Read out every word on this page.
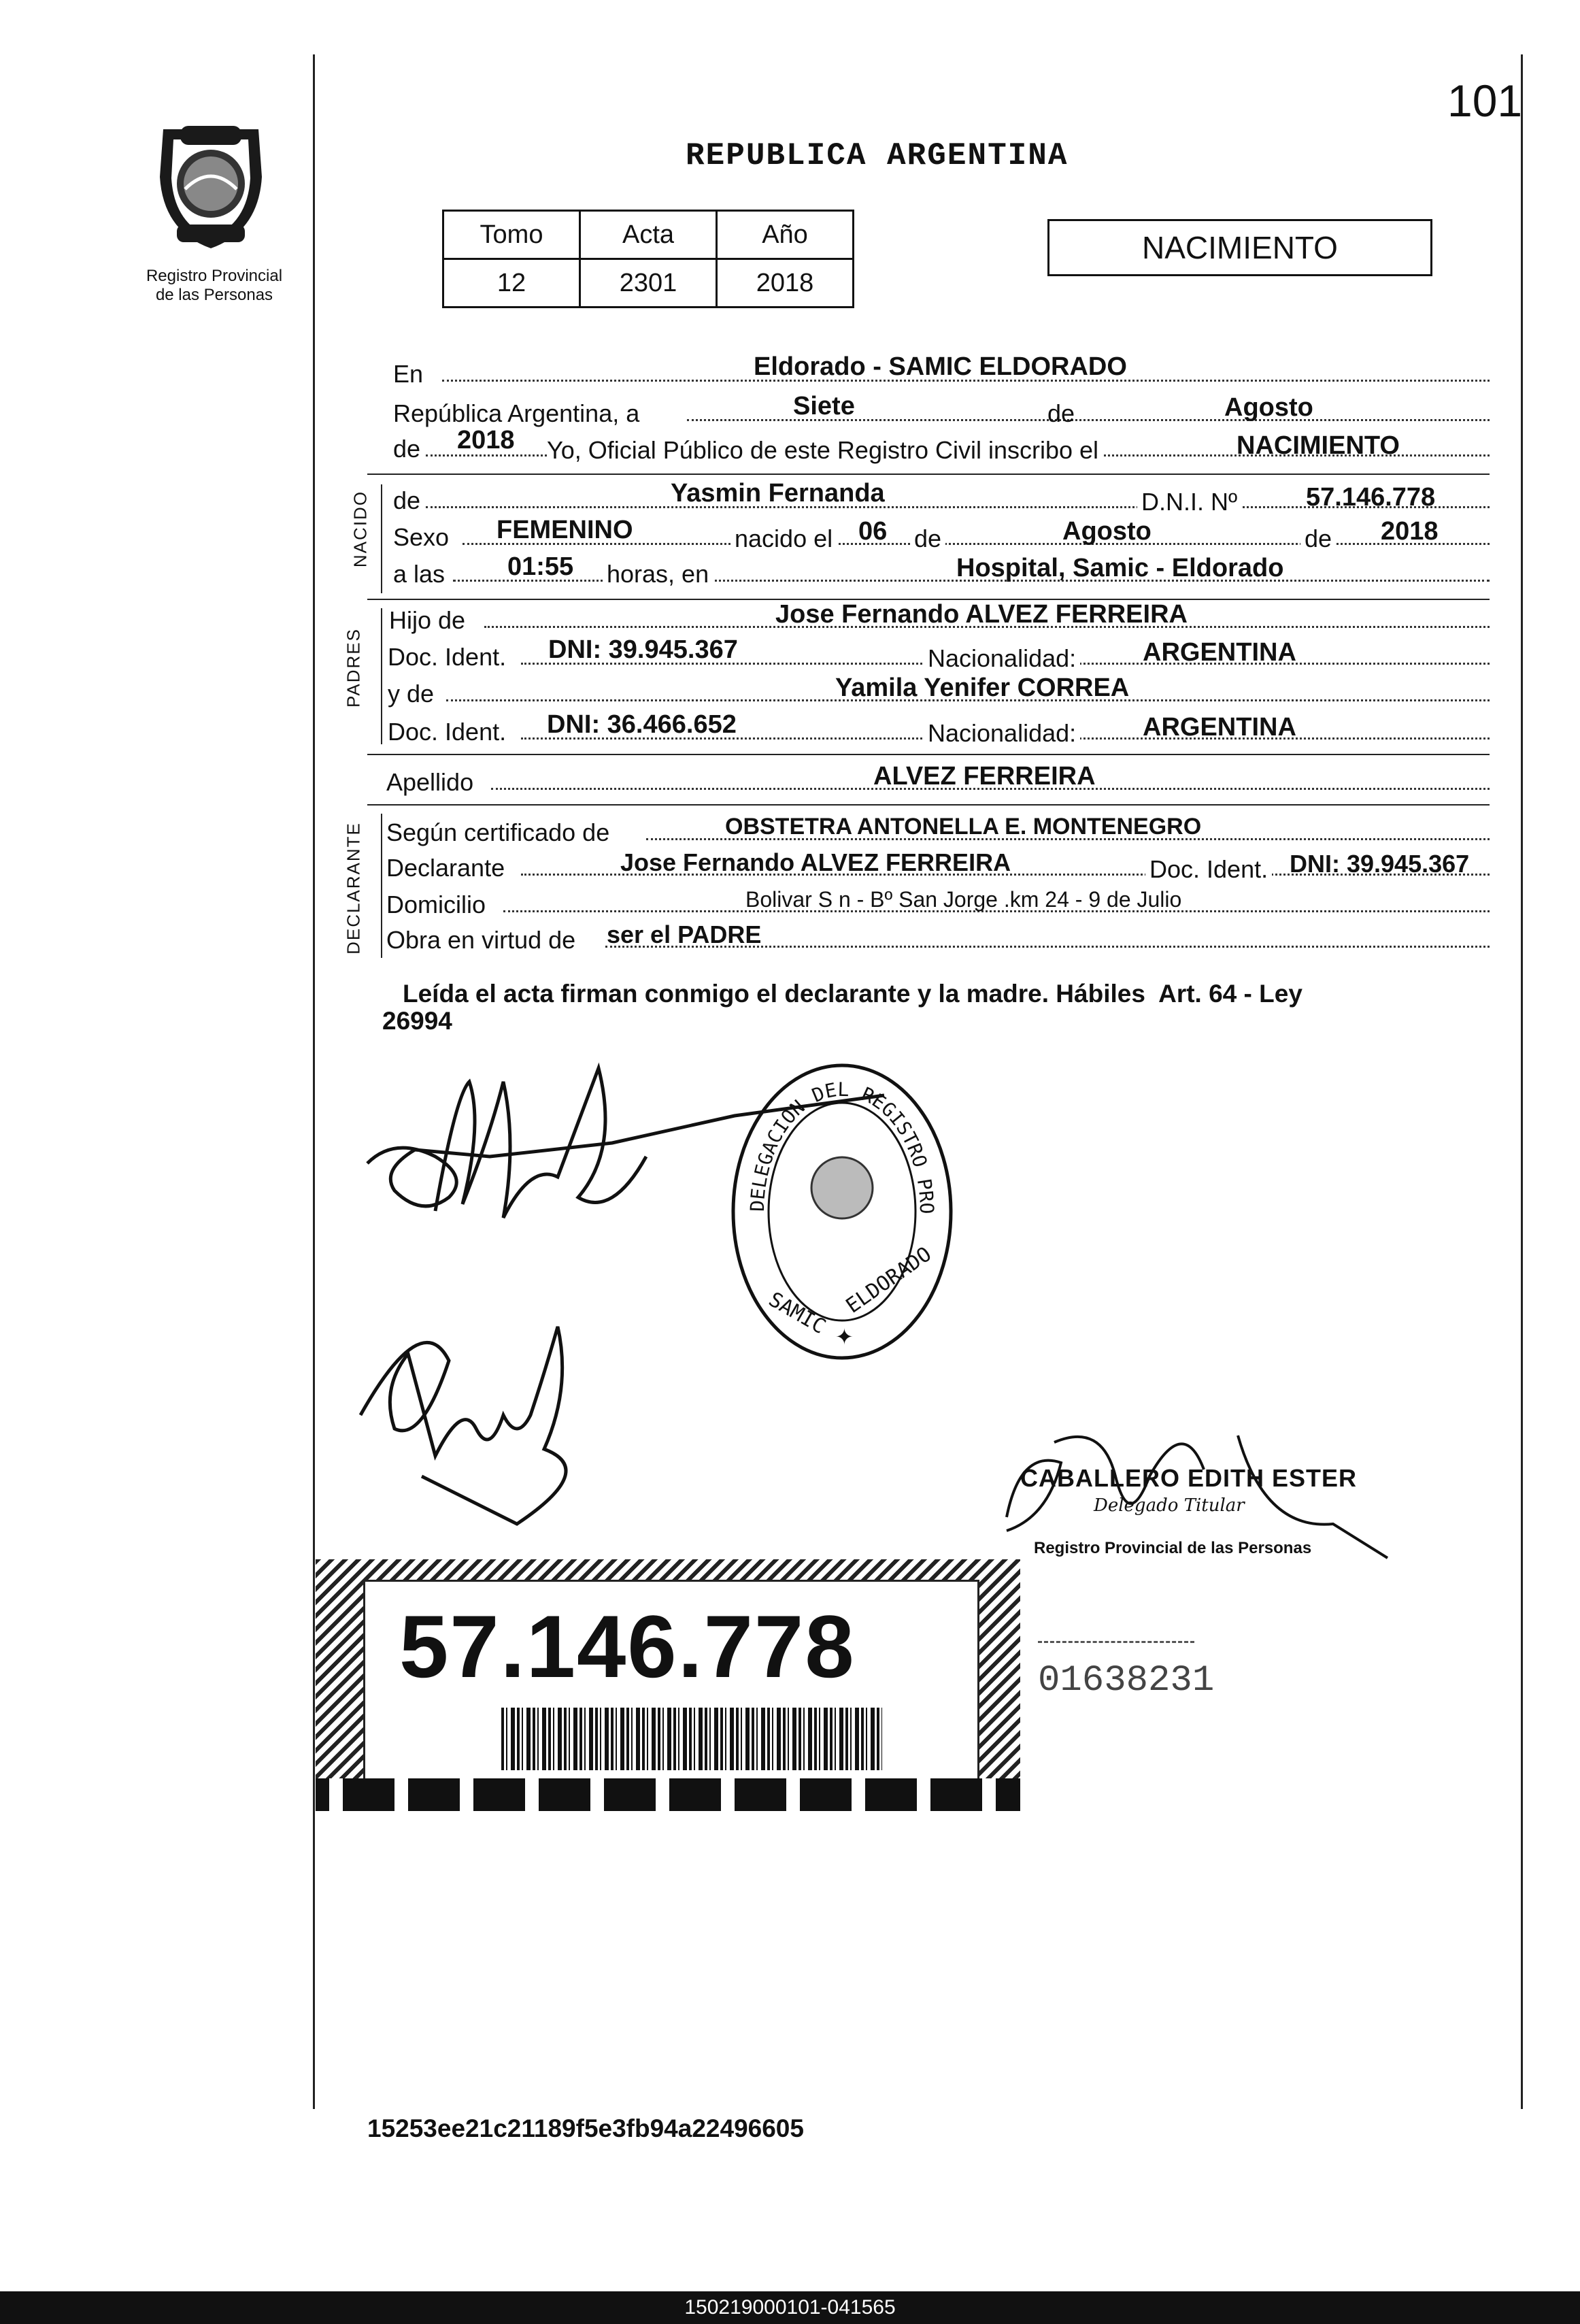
101
Registro Provincial
de las Personas
REPUBLICA ARGENTINA
Tomo	Acta	Año
12	2301	2018
NACIMIENTO
En	Eldorado - SAMIC ELDORADO
República Argentina, a	Siete	de	Agosto
de 2018 Yo, Oficial Público de este Registro Civil inscribo el	NACIMIENTO
NACIDO de	Yasmin Fernanda	D.N.I. Nº	57.146.778
Sexo FEMENINO	nacido el 06 de	Agosto	de 2018
a las 01:55 horas, en	Hospital, Samic - Eldorado
PADRES
Hijo de	Jose Fernando ALVEZ FERREIRA
Doc. Ident. DNI: 39.945.367	Nacionalidad:	ARGENTINA
y de	Yamila Yenifer CORREA
Doc. Ident. DNI: 36.466.652	Nacionalidad:	ARGENTINA
Apellido	ALVEZ FERREIRA
DECLARANTE Según certificado de	OBSTETRA ANTONELLA E. MONTENEGRO
Declarante	Jose Fernando ALVEZ FERREIRA	Doc. Ident. DNI: 39.945.367
Domicilio	Bolivar S n - Bº San Jorge .km 24 - 9 de Julio
Obra en virtud de ser el PADRE
Leída el acta firman conmigo el declarante y la madre. Hábiles  Art. 64 - Ley
26994
DELEGACION DEL REGISTRO PRO
SAMIC ELDORADO
✦
CABALLERO EDITH ESTER
Delegado Titular
Registro Provincial de las Personas
57.146.778	01638231
15253ee21c21189f5e3fb94a22496605
150219000101-041565
